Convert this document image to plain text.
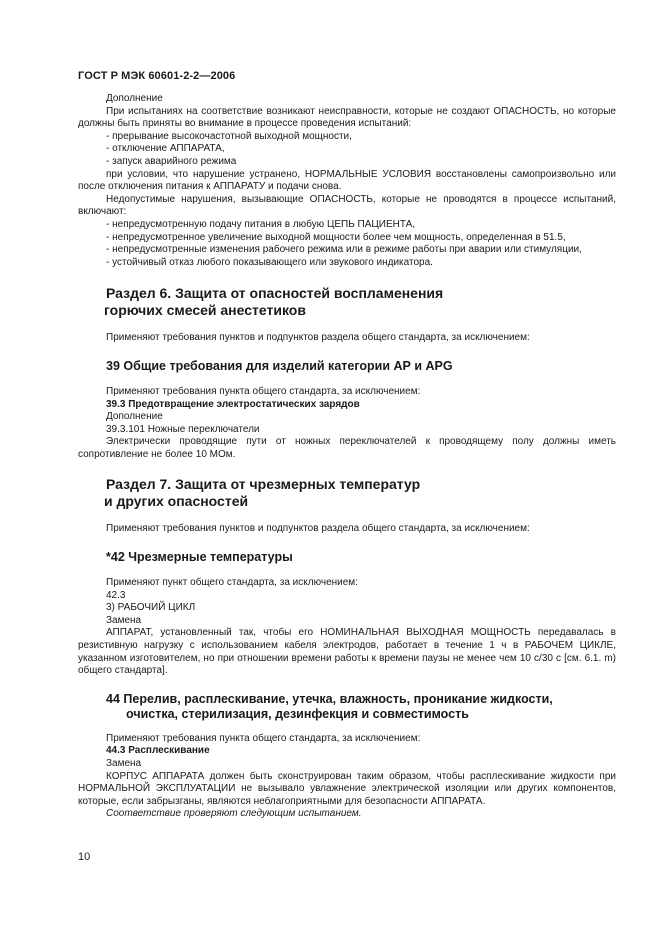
ГОСТ Р МЭК 60601-2-2—2006

Дополнение

При испытаниях на соответствие возникают неисправности, которые не создают ОПАСНОСТЬ, но которые должны быть приняты во внимание в процессе проведения испытаний:

- прерывание высокочастотной выходной мощности,

- отключение АППАРАТА,

- запуск аварийного режима

при условии, что нарушение устранено, НОРМАЛЬНЫЕ УСЛОВИЯ восстановлены самопроизвольно или после отключения питания к АППАРАТУ и подачи снова.

Недопустимые нарушения, вызывающие ОПАСНОСТЬ, которые не проводятся в процессе испытаний, включают:

- непредусмотренную подачу питания в любую ЦЕПЬ ПАЦИЕНТА,

- непредусмотренное увеличение выходной мощности более чем мощность, определенная в 51.5,

- непредусмотренные изменения рабочего режима или в режиме работы при аварии или стимуляции,

- устойчивый отказ любого показывающего или звукового индикатора.

Раздел 6. Защита от опасностей воспламенения
горючих смесей анестетиков

Применяют требования пунктов и подпунктов раздела общего стандарта, за исключением:

39 Общие требования для изделий категории АР и APG

Применяют требования пункта общего стандарта, за исключением:

39.3 Предотвращение электростатических зарядов

Дополнение

39.3.101 Ножные переключатели

Электрически проводящие пути от ножных переключателей к проводящему полу должны иметь сопротивление не более 10 МОм.

Раздел 7. Защита от чрезмерных температур
и других опасностей

Применяют требования пунктов и подпунктов раздела общего стандарта, за исключением:

*42 Чрезмерные температуры

Применяют пункт общего стандарта, за исключением:

42.3

3) РАБОЧИЙ ЦИКЛ

Замена

АППАРАТ, установленный так, чтобы его НОМИНАЛЬНАЯ ВЫХОДНАЯ МОЩНОСТЬ передавалась в резистивную нагрузку с использованием кабеля электродов, работает в течение 1 ч в РАБОЧЕМ ЦИКЛЕ, указанном изготовителем, но при отношении времени работы к времени паузы не менее чем 10 с/30 с [см. 6.1. m) общего стандарта].

44 Перелив, расплескивание, утечка, влажность, проникание жидкости,
очистка, стерилизация, дезинфекция и совместимость

Применяют требования пункта общего стандарта, за исключением:

44.3 Расплескивание

Замена

КОРПУС АППАРАТА должен быть сконструирован таким образом, чтобы расплескивание жидкости при НОРМАЛЬНОЙ ЭКСПЛУАТАЦИИ не вызывало увлажнение электрической изоляции или других компонентов, которые, если забрызганы, являются неблагоприятными для безопасности АППАРАТА.

Соответствие проверяют следующим испытанием.

10
